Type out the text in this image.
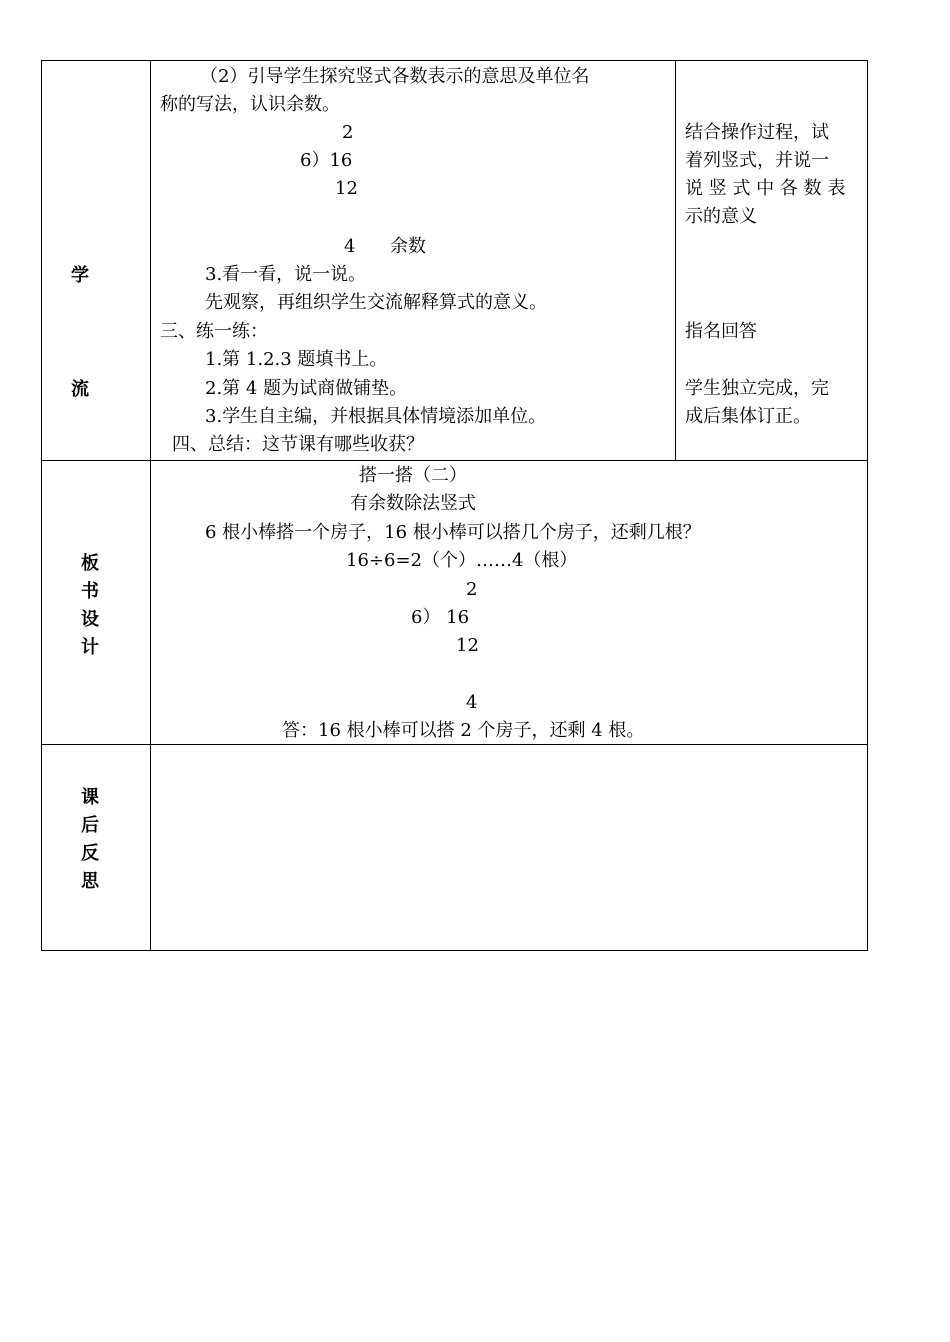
学
流
（2）引导学生探究竖式各数表示的意思及单位名
称的写法，认识余数。
2
6）16
12
4 余数
3.看一看，说一说。
先观察，再组织学生交流解释算式的意义。
三、练一练：
1.第 1.2.3 题填书上。
2.第 4 题为试商做铺垫。
3.学生自主编，并根据具体情境添加单位。
四、总结：这节课有哪些收获？
结合操作过程，试
着列竖式，并说一
说 竖 式 中 各 数 表
示的意义
指名回答
学生独立完成，完
成后集体订正。
板
书
设
计
搭一搭（二）
有余数除法竖式
6 根小棒搭一个房子，16 根小棒可以搭几个房子，还剩几根？
16÷6=2（个）……4（根）
2
6） 16
12
4
答：16 根小棒可以搭 2 个房子，还剩 4 根。
课
后
反
思
